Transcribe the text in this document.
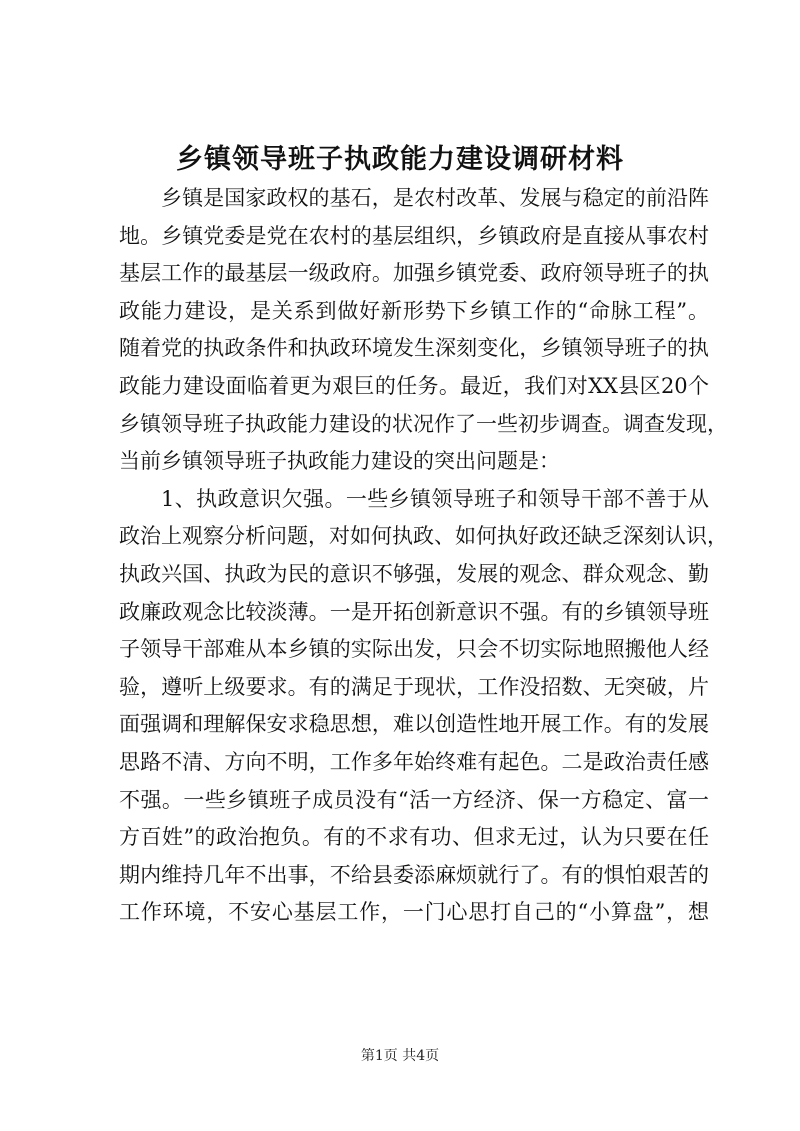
乡镇领导班子执政能力建设调研材料
乡镇是国家政权的基石，是农村改革、发展与稳定的前沿阵
地。乡镇党委是党在农村的基层组织，乡镇政府是直接从事农村
基层工作的最基层一级政府。加强乡镇党委、政府领导班子的执
政能力建设，是关系到做好新形势下乡镇工作的“命脉工程”。
随着党的执政条件和执政环境发生深刻变化，乡镇领导班子的执
政能力建设面临着更为艰巨的任务。最近，我们对XX县区20个
乡镇领导班子执政能力建设的状况作了一些初步调查。调查发现，
当前乡镇领导班子执政能力建设的突出问题是：
1、执政意识欠强。一些乡镇领导班子和领导干部不善于从
政治上观察分析问题，对如何执政、如何执好政还缺乏深刻认识，
执政兴国、执政为民的意识不够强，发展的观念、群众观念、勤
政廉政观念比较淡薄。一是开拓创新意识不强。有的乡镇领导班
子领导干部难从本乡镇的实际出发，只会不切实际地照搬他人经
验，遵听上级要求。有的满足于现状，工作没招数、无突破，片
面强调和理解保安求稳思想，难以创造性地开展工作。有的发展
思路不清、方向不明，工作多年始终难有起色。二是政治责任感
不强。一些乡镇班子成员没有“活一方经济、保一方稳定、富一
方百姓”的政治抱负。有的不求有功、但求无过，认为只要在任
期内维持几年不出事，不给县委添麻烦就行了。有的惧怕艰苦的
工作环境，不安心基层工作，一门心思打自己的“小算盘”，想
第1页 共4页
